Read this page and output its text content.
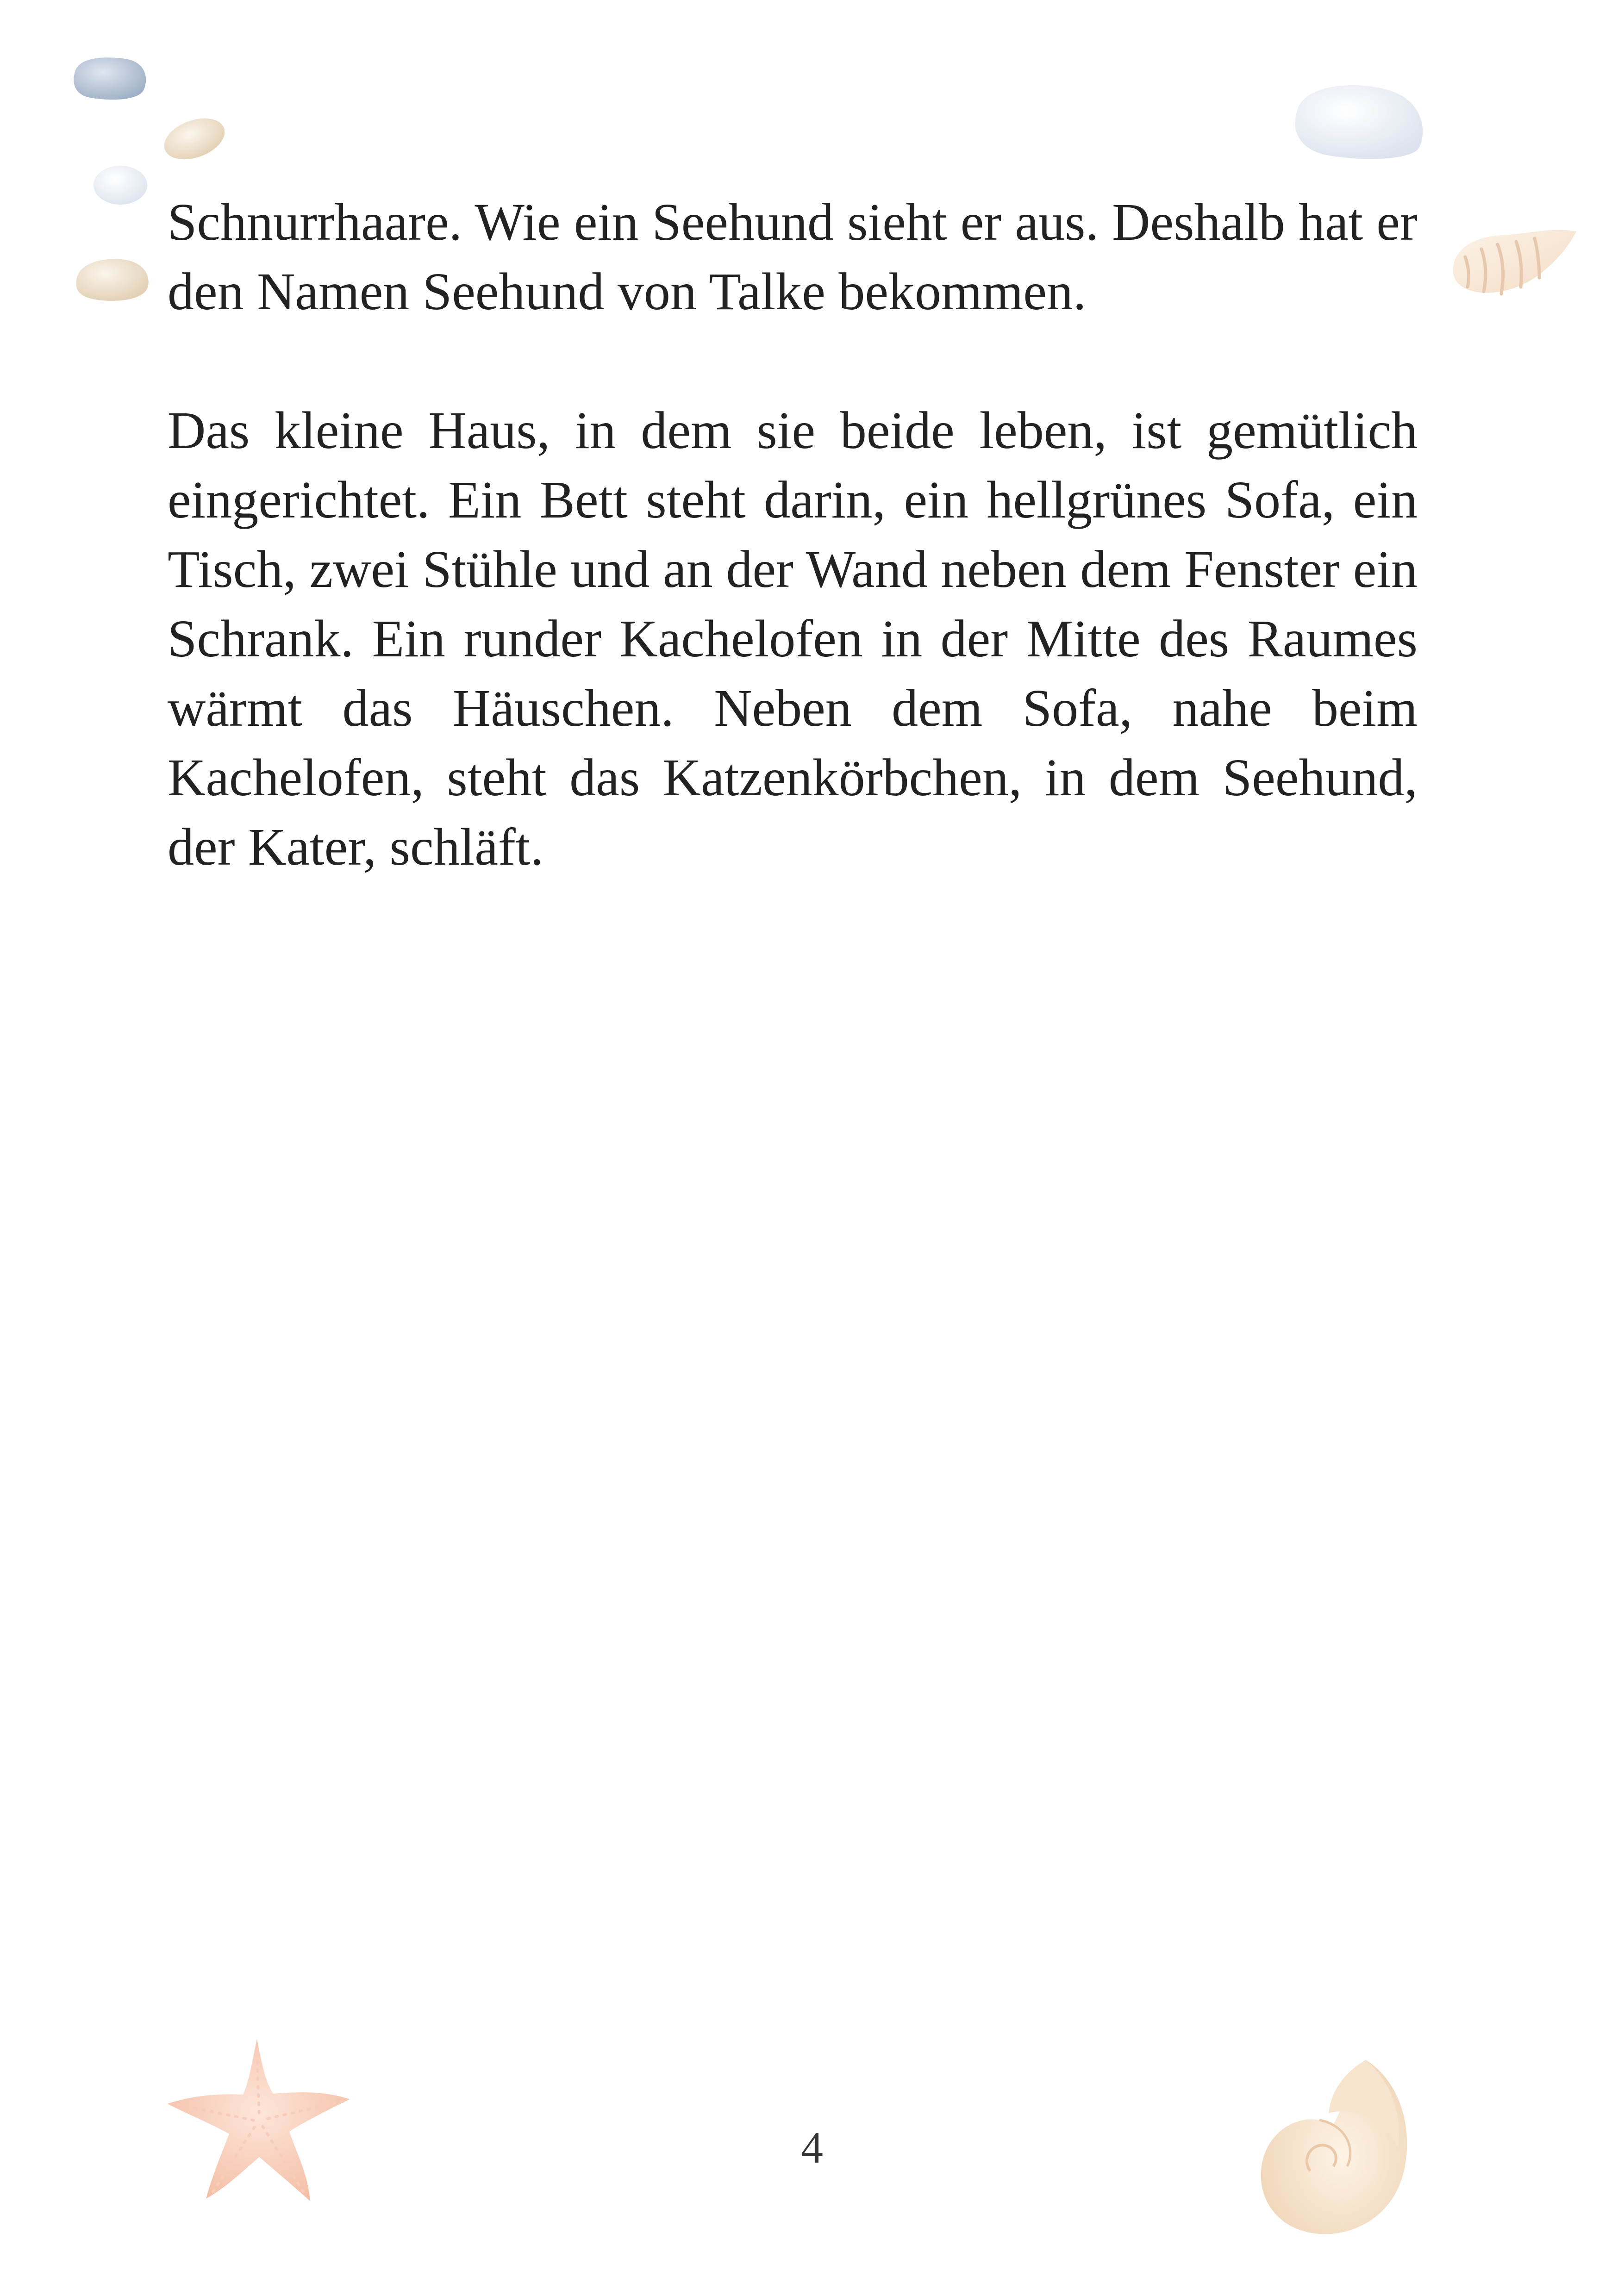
Schnurrhaare. Wie ein Seehund sieht er aus. Deshalb hat er den Namen Seehund von Talke bekommen.

Das kleine Haus, in dem sie beide leben, ist gemütlich eingerichtet. Ein Bett steht darin, ein hellgrünes Sofa, ein Tisch, zwei Stühle und an der Wand neben dem Fenster ein Schrank. Ein runder Kachelofen in der Mitte des Raumes wärmt das Häuschen. Neben dem Sofa, nahe beim Kachelofen, steht das Katzenkörbchen, in dem Seehund, der Kater, schläft.

4
